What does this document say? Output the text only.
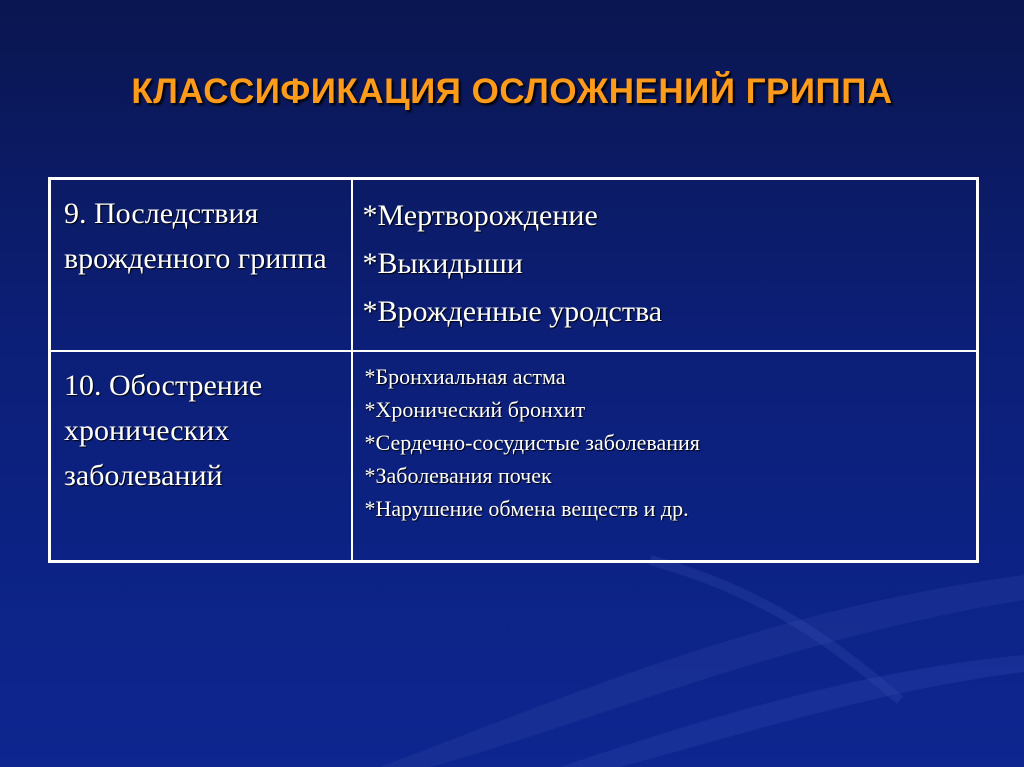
КЛАССИФИКАЦИЯ ОСЛОЖНЕНИЙ ГРИППА
9. Последствия врожденного гриппа	*Мертворождение
*Выкидыши
*Врожденные уродства

10. Обострение хронических заболеваний	*Бронхиальная астма
*Хронический бронхит
*Сердечно-сосудистые заболевания
*Заболевания почек
*Нарушение обмена веществ и др.
